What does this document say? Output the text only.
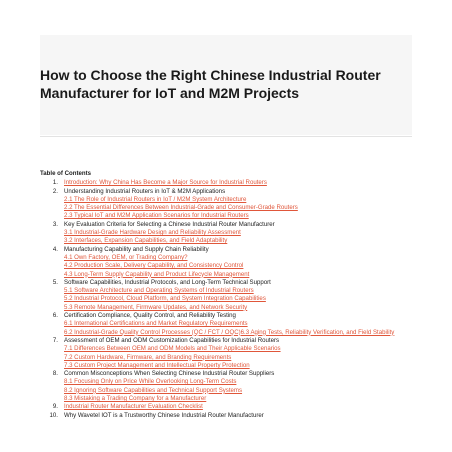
How to Choose the Right Chinese Industrial Router Manufacturer for IoT and M2M Projects
Table of Contents
1. Introduction: Why China Has Become a Major Source for Industrial Routers
2. Understanding Industrial Routers in IoT & M2M Applications
2.1 The Role of Industrial Routers in IoT / M2M System Architecture
2.2 The Essential Differences Between Industrial-Grade and Consumer-Grade Routers
2.3 Typical IoT and M2M Application Scenarios for Industrial Routers
3. Key Evaluation Criteria for Selecting a Chinese Industrial Router Manufacturer
3.1 Industrial-Grade Hardware Design and Reliability Assessment
3.2 Interfaces, Expansion Capabilities, and Field Adaptability
4. Manufacturing Capability and Supply Chain Reliability
4.1 Own Factory, OEM, or Trading Company?
4.2 Production Scale, Delivery Capability, and Consistency Control
4.3 Long-Term Supply Capability and Product Lifecycle Management
5. Software Capabilities, Industrial Protocols, and Long-Term Technical Support
5.1 Software Architecture and Operating Systems of Industrial Routers
5.2 Industrial Protocol, Cloud Platform, and System Integration Capabilities
5.3 Remote Management, Firmware Updates, and Network Security
6. Certification Compliance, Quality Control, and Reliability Testing
6.1 International Certifications and Market Regulatory Requirements
6.2 Industrial-Grade Quality Control Processes (QC / FCT / OQC)6.3 Aging Tests, Reliability Verification, and Field Stability
7. Assessment of OEM and ODM Customization Capabilities for Industrial Routers
7.1 Differences Between OEM and ODM Models and Their Applicable Scenarios
7.2 Custom Hardware, Firmware, and Branding Requirements
7.3 Custom Project Management and Intellectual Property Protection
8. Common Misconceptions When Selecting Chinese Industrial Router Suppliers
8.1 Focusing Only on Price While Overlooking Long-Term Costs
8.2 Ignoring Software Capabilities and Technical Support Systems
8.3 Mistaking a Trading Company for a Manufacturer
9. Industrial Router Manufacturer Evaluation Checklist
10. Why Wavetel IOT is a Trustworthy Chinese Industrial Router Manufacturer
